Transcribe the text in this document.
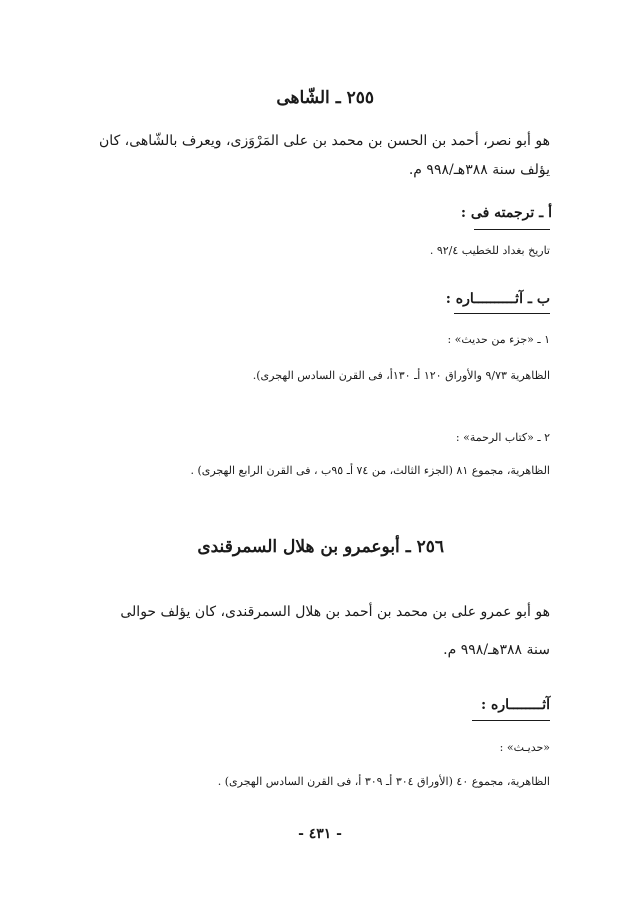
٢٥٥ ـ الشّاهى
هو أبو نصر، أحمد بن الحسن بن محمد بن على المَرْوَزى، ويعرف بالشّاهى، كان
يؤلف سنة ٣٨٨هـ/٩٩٨ م.
أ ـ ترجمته فى :
تاريخ بغداد للخطيب ٩٢/٤ .
ب ـ آثــــــــــاره :
١ ـ «جزء من حديث» :
الظاهرية ٩/٧٣ والأوراق ١٢٠ أـ ١٣٠أ، فى القرن السادس الهجرى).
٢ ـ «كتاب الرحمة» :
الظاهرية، مجموع ٨١ (الجزء الثالث، من ٧٤ أـ ٩٥ب ، فى القرن الرابع الهجرى) .
٢٥٦ ـ أبوعمرو بن هلال السمرقندى
هو أبو عمرو على بن محمد بن أحمد بن هلال السمرقندى، كان يؤلف حوالى
سنة ٣٨٨هـ/٩٩٨ م.
آثــــــــاره :
«حديـث» :
الظاهرية، مجموع ٤٠ (الأوراق ٣٠٤ أـ ٣٠٩ أ، فى القرن السادس الهجرى) .
- ٤٣١ -
